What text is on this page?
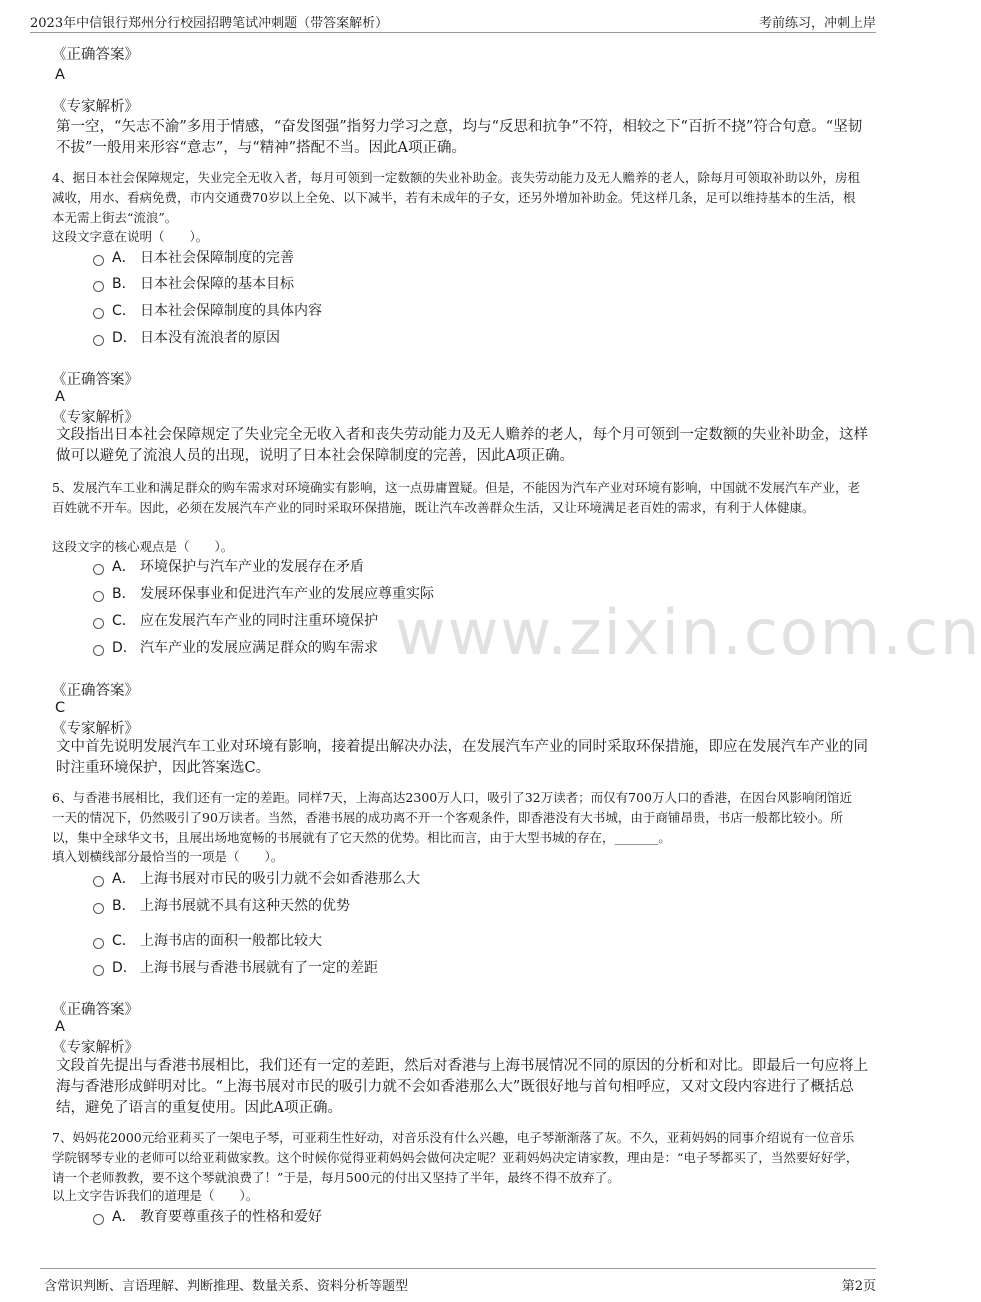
2023年中信银行郑州分行校园招聘笔试冲刺题（带答案解析）	考前练习，冲刺上岸
《正确答案》
A
《专家解析》
第一空，“矢志不渝”多用于情感，“奋发图强”指努力学习之意，均与“反思和抗争”不符，相较之下“百折不挠”符合句意。“坚韧不拔”一般用来形容“意志”，与“精神”搭配不当。因此A项正确。
4、据日本社会保障规定，失业完全无收入者，每月可领到一定数额的失业补助金。丧失劳动能力及无人赡养的老人，除每月可领取补助以外，房租减收，用水、看病免费，市内交通费70岁以上全免、以下减半，若有未成年的子女，还另外增加补助金。凭这样几条，足可以维持基本的生活，根本无需上街去“流浪”。
这段文字意在说明（　　）。
A． 日本社会保障制度的完善
B． 日本社会保障的基本目标
C． 日本社会保障制度的具体内容
D． 日本没有流浪者的原因
《正确答案》
A
《专家解析》
文段指出日本社会保障规定了失业完全无收入者和丧失劳动能力及无人赡养的老人，每个月可领到一定数额的失业补助金，这样做可以避免了流浪人员的出现，说明了日本社会保障制度的完善，因此A项正确。
5、发展汽车工业和满足群众的购车需求对环境确实有影响，这一点毋庸置疑。但是，不能因为汽车产业对环境有影响，中国就不发展汽车产业，老百姓就不开车。因此，必须在发展汽车产业的同时采取环保措施，既让汽车改善群众生活，又让环境满足老百姓的需求，有利于人体健康。
这段文字的核心观点是（　　）。
A． 环境保护与汽车产业的发展存在矛盾
B． 发展环保事业和促进汽车产业的发展应尊重实际
C． 应在发展汽车产业的同时注重环境保护
D． 汽车产业的发展应满足群众的购车需求
《正确答案》
C
《专家解析》
文中首先说明发展汽车工业对环境有影响，接着提出解决办法，在发展汽车产业的同时采取环保措施，即应在发展汽车产业的同时注重环境保护，因此答案选C。
6、与香港书展相比，我们还有一定的差距。同样7天，上海高达2300万人口，吸引了32万读者；而仅有700万人口的香港，在因台风影响闭馆近一天的情况下，仍然吸引了90万读者。当然，香港书展的成功离不开一个客观条件，即香港没有大书城，由于商铺昂贵，书店一般都比较小。所以，集中全球华文书，且展出场地宽畅的书展就有了它天然的优势。相比而言，由于大型书城的存在，_______。
填入划横线部分最恰当的一项是（　　）。
A． 上海书展对市民的吸引力就不会如香港那么大
B． 上海书展就不具有这种天然的优势
C． 上海书店的面积一般都比较大
D． 上海书展与香港书展就有了一定的差距
《正确答案》
A
《专家解析》
文段首先提出与香港书展相比，我们还有一定的差距，然后对香港与上海书展情况不同的原因的分析和对比。即最后一句应将上海与香港形成鲜明对比。“上海书展对市民的吸引力就不会如香港那么大”既很好地与首句相呼应，又对文段内容进行了概括总结，避免了语言的重复使用。因此A项正确。
7、妈妈花2000元给亚莉买了一架电子琴，可亚莉生性好动，对音乐没有什么兴趣，电子琴渐渐落了灰。不久，亚莉妈妈的同事介绍说有一位音乐学院钢琴专业的老师可以给亚莉做家教。这个时候你觉得亚莉妈妈会做何决定呢？亚莉妈妈决定请家教，理由是：“电子琴都买了，当然要好好学，请一个老师教教，要不这个琴就浪费了！”于是，每月500元的付出又坚持了半年，最终不得不放弃了。
以上文字告诉我们的道理是（　　）。
A． 教育要尊重孩子的性格和爱好
www.zixin.com.cn
含常识判断、言语理解、判断推理、数量关系、资料分析等题型	第2页
